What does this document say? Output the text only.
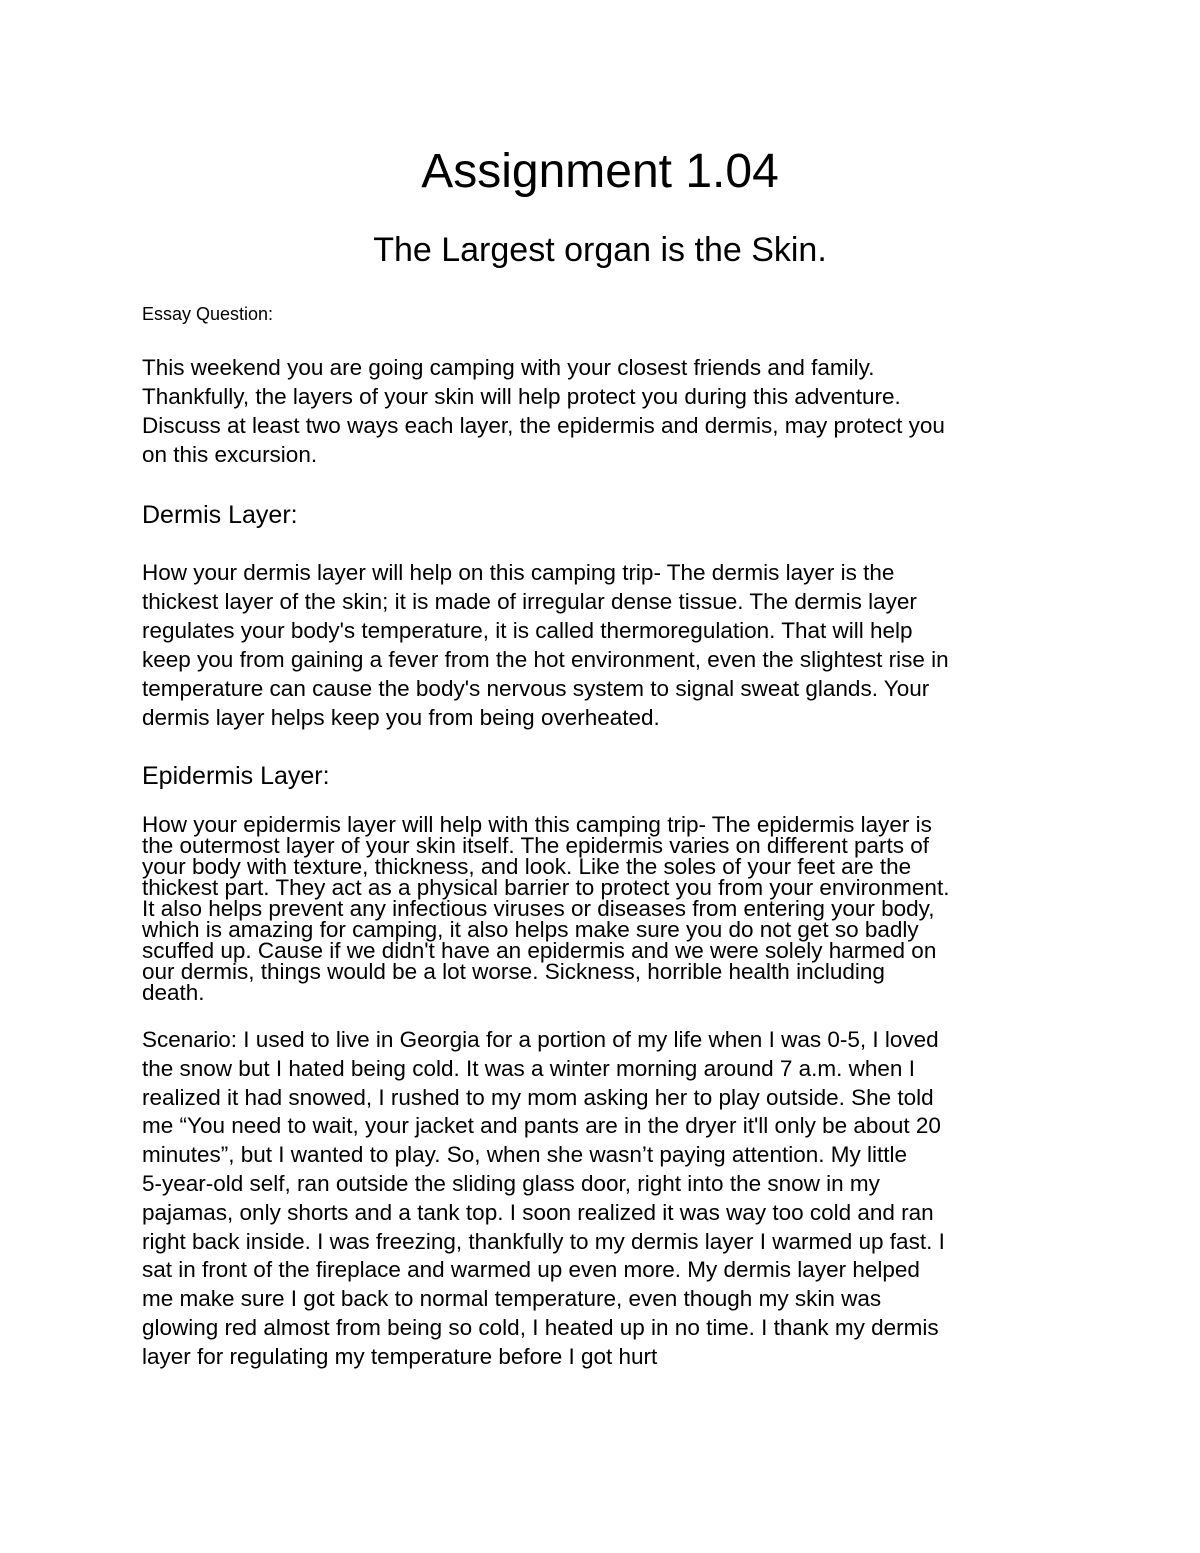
Assignment 1.04
The Largest organ is the Skin.

Essay Question:

This weekend you are going camping with your closest friends and family.
Thankfully, the layers of your skin will help protect you during this adventure.
Discuss at least two ways each layer, the epidermis and dermis, may protect you
on this excursion.

Dermis Layer:

How your dermis layer will help on this camping trip- The dermis layer is the
thickest layer of the skin; it is made of irregular dense tissue. The dermis layer
regulates your body's temperature, it is called thermoregulation. That will help
keep you from gaining a fever from the hot environment, even the slightest rise in
temperature can cause the body's nervous system to signal sweat glands. Your
dermis layer helps keep you from being overheated.

Epidermis Layer:

How your epidermis layer will help with this camping trip- The epidermis layer is
the outermost layer of your skin itself. The epidermis varies on different parts of
your body with texture, thickness, and look. Like the soles of your feet are the
thickest part. They act as a physical barrier to protect you from your environment.
It also helps prevent any infectious viruses or diseases from entering your body,
which is amazing for camping, it also helps make sure you do not get so badly
scuffed up. Cause if we didn't have an epidermis and we were solely harmed on
our dermis, things would be a lot worse. Sickness, horrible health including
death.

Scenario: I used to live in Georgia for a portion of my life when I was 0-5, I loved
the snow but I hated being cold. It was a winter morning around 7 a.m. when I
realized it had snowed, I rushed to my mom asking her to play outside. She told
me “You need to wait, your jacket and pants are in the dryer it'll only be about 20
minutes”, but I wanted to play. So, when she wasn’t paying attention. My little
5-year-old self, ran outside the sliding glass door, right into the snow in my
pajamas, only shorts and a tank top. I soon realized it was way too cold and ran
right back inside. I was freezing, thankfully to my dermis layer I warmed up fast. I
sat in front of the fireplace and warmed up even more. My dermis layer helped
me make sure I got back to normal temperature, even though my skin was
glowing red almost from being so cold, I heated up in no time. I thank my dermis
layer for regulating my temperature before I got hurt
